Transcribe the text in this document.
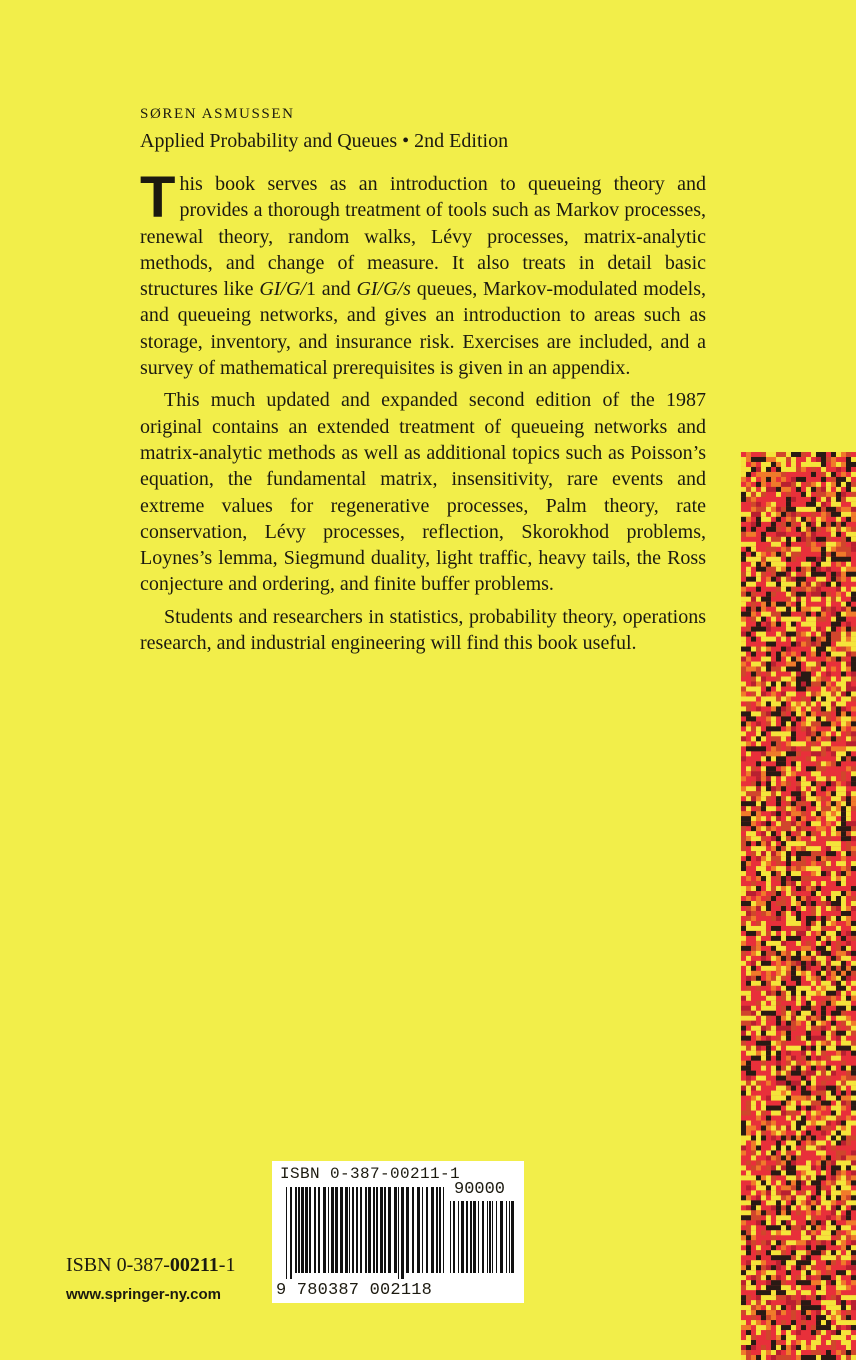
SØREN ASMUSSEN
Applied Probability and Queues • 2nd Edition

This book serves as an introduction to queueing theory and provides a thorough treatment of tools such as Markov processes, renewal theory, random walks, Lévy processes, matrix-analytic methods, and change of measure. It also treats in detail basic structures like GI/G/1 and GI/G/s queues, Markov-modulated models, and queueing networks, and gives an introduction to areas such as storage, inventory, and insurance risk. Exercises are included, and a survey of mathematical prerequisites is given in an appendix.

This much updated and expanded second edition of the 1987 original contains an extended treatment of queueing networks and matrix-analytic methods as well as additional topics such as Poisson’s equation, the fundamental matrix, insensitivity, rare events and extreme values for regenerative processes, Palm theory, rate conservation, Lévy processes, reflection, Skorokhod problems, Loynes’s lemma, Siegmund duality, light traffic, heavy tails, the Ross conjecture and ordering, and finite buffer problems.

Students and researchers in statistics, probability theory, operations research, and industrial engineering will find this book useful.

ISBN 0-387-00211-1
www.springer-ny.com
ISBN 0-387-00211-1
90000
9 780387 002118
